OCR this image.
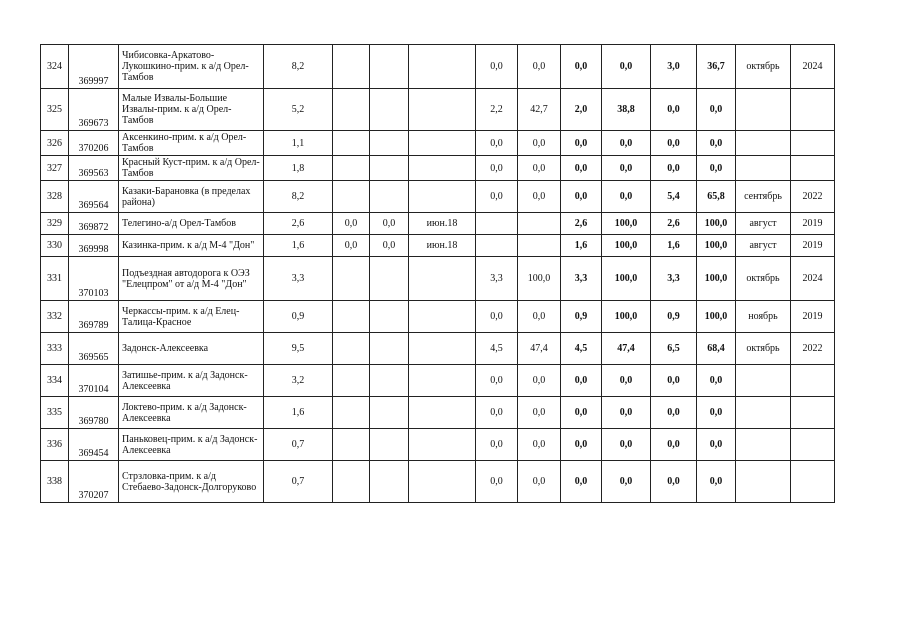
324	369997	Чибисовка-Аркатово-Лукошкино-прим. к а/д Орел-Тамбов	8,2				0,0	0,0	0,0	0,0	3,0	36,7	октябрь	2024
325	369673	Малые Извалы-Большие Извалы-прим. к а/д Орел-Тамбов	5,2				2,2	42,7	2,0	38,8	0,0	0,0		
326	370206	Аксенкино-прим. к а/д Орел-Тамбов	1,1				0,0	0,0	0,0	0,0	0,0	0,0		
327	369563	Красный Куст-прим. к а/д Орел-Тамбов	1,8				0,0	0,0	0,0	0,0	0,0	0,0		
328	369564	Казаки-Барановка (в пределах района)	8,2				0,0	0,0	0,0	0,0	5,4	65,8	сентябрь	2022
329	369872	Телегино-а/д Орел-Тамбов	2,6	0,0	0,0	июн.18			2,6	100,0	2,6	100,0	август	2019
330	369998	Казинка-прим. к а/д М-4 "Дон"	1,6	0,0	0,0	июн.18			1,6	100,0	1,6	100,0	август	2019
331	370103	Подъездная автодорога к ОЭЗ "Елецпром" от а/д М-4 "Дон"	3,3				3,3	100,0	3,3	100,0	3,3	100,0	октябрь	2024
332	369789	Черкассы-прим. к а/д Елец-Талица-Красное	0,9				0,0	0,0	0,9	100,0	0,9	100,0	ноябрь	2019
333	369565	Задонск-Алексеевка	9,5				4,5	47,4	4,5	47,4	6,5	68,4	октябрь	2022
334	370104	Затишье-прим. к а/д Задонск-Алексеевка	3,2				0,0	0,0	0,0	0,0	0,0	0,0		
335	369780	Локтево-прим. к а/д Задонск-Алексеевка	1,6				0,0	0,0	0,0	0,0	0,0	0,0		
336	369454	Паньковец-прим. к а/д Задонск-Алексеевка	0,7				0,0	0,0	0,0	0,0	0,0	0,0		
338	370207	Стрзловка-прим. к а/д Стебаево-Задонск-Долгоруково	0,7				0,0	0,0	0,0	0,0	0,0	0,0		
